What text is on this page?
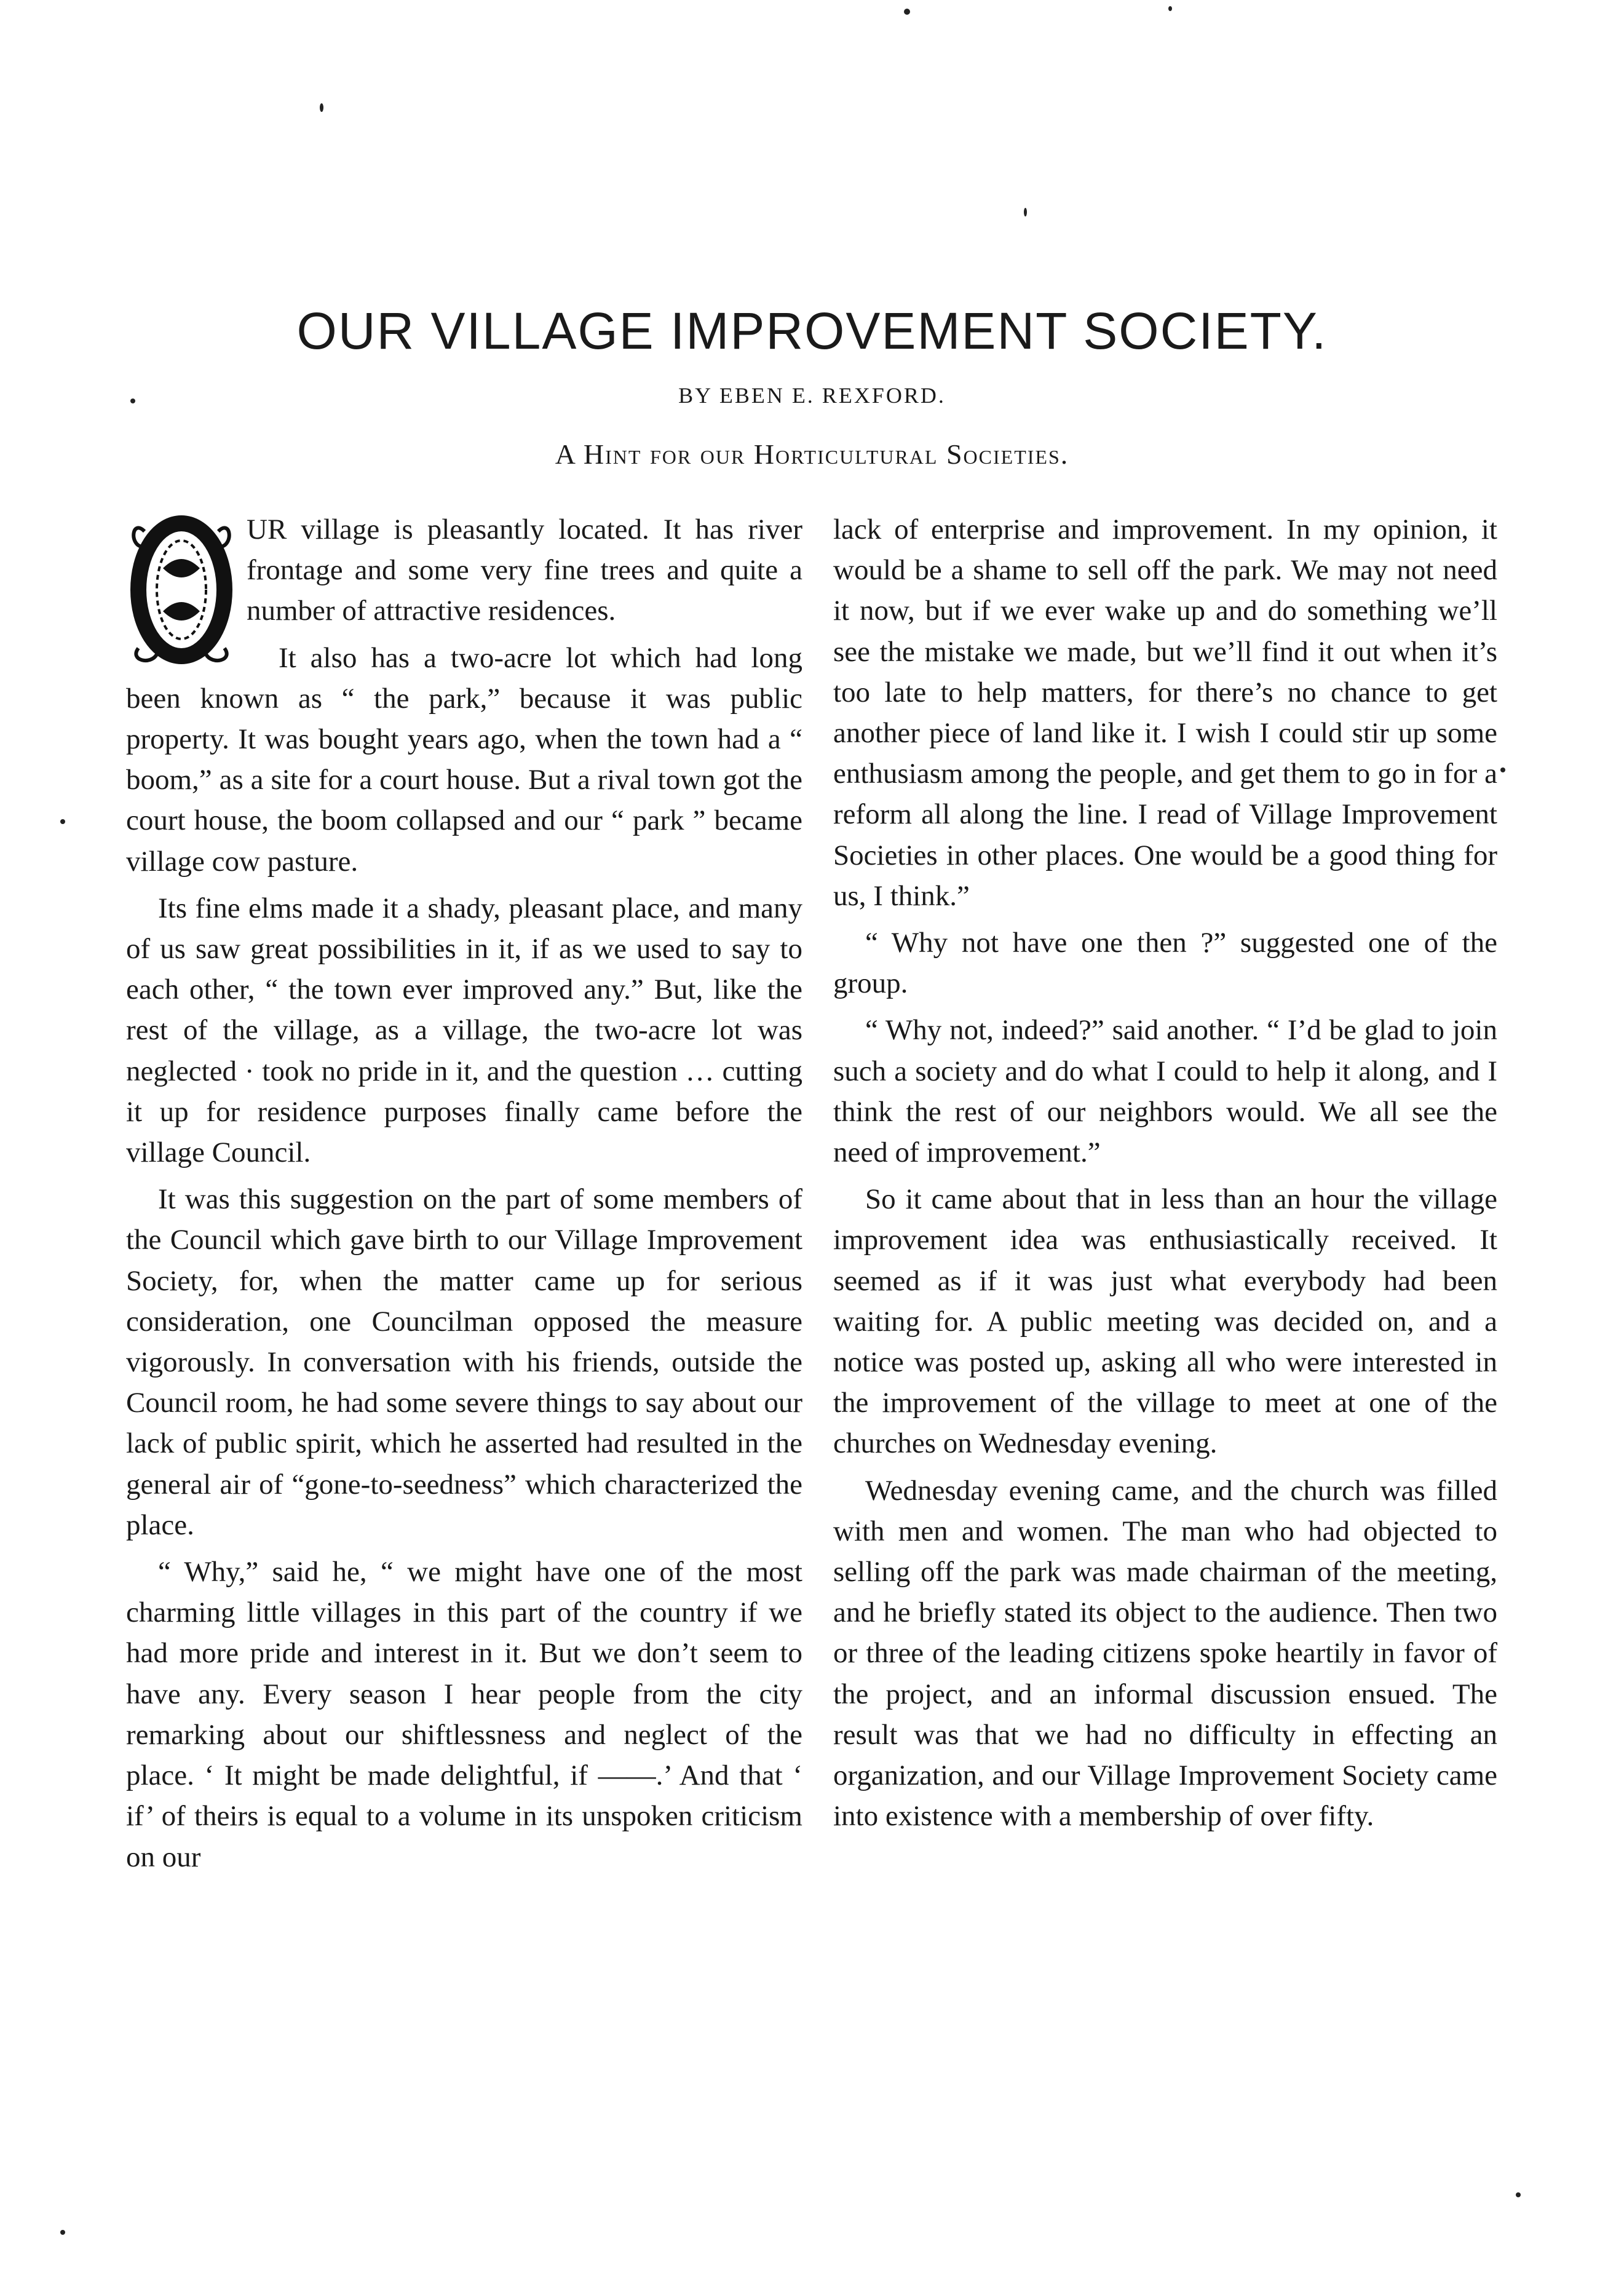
OUR VILLAGE IMPROVEMENT SOCIETY.
BY EBEN E. REXFORD.
A Hint for our Horticultural Societies.
O

UR village is pleasantly located. It has river frontage and some very fine trees and quite a number of attractive residences.

It also has a two-acre lot which had long been known as “ the park,” because it was public property. It was bought years ago, when the town had a “ boom,” as a site for a court house. But a rival town got the court house, the boom collapsed and our “ park ” became village cow pasture.

Its fine elms made it a shady, pleasant place, and many of us saw great possibilities in it, if as we used to say to each other, “ the town ever improved any.” But, like the rest of the village, as a village, the two-acre lot was neglected · took no pride in it, and the question … cutting it up for residence purposes finally came before the village Council.

It was this suggestion on the part of some members of the Council which gave birth to our Village Improvement Society, for, when the matter came up for serious consideration, one Councilman opposed the measure vigorously. In conversation with his friends, outside the Council room, he had some severe things to say about our lack of public spirit, which he asserted had resulted in the general air of “gone-to-seedness” which characterized the place.

“ Why,” said he, “ we might have one of the most charming little villages in this part of the country if we had more pride and interest in it. But we don’t seem to have any. Every season I hear people from the city remarking about our shiftlessness and neglect of the place. ‘ It might be made delightful, if ——.’ And that ‘ if’ of theirs is equal to a volume in its unspoken criticism on our

lack of enterprise and improvement. In my opinion, it would be a shame to sell off the park. We may not need it now, but if we ever wake up and do something we’ll see the mistake we made, but we’ll find it out when it’s too late to help matters, for there’s no chance to get another piece of land like it. I wish I could stir up some enthusiasm among the people, and get them to go in for a reform all along the line. I read of Village Improvement Societies in other places. One would be a good thing for us, I think.”

“ Why not have one then ?” suggested one of the group.

“ Why not, indeed?” said another. “ I’d be glad to join such a society and do what I could to help it along, and I think the rest of our neighbors would. We all see the need of improvement.”

So it came about that in less than an hour the village improvement idea was enthusiastically received. It seemed as if it was just what everybody had been waiting for. A public meeting was decided on, and a notice was posted up, asking all who were interested in the improvement of the village to meet at one of the churches on Wednesday evening.

Wednesday evening came, and the church was filled with men and women. The man who had objected to selling off the park was made chairman of the meeting, and he briefly stated its object to the audience. Then two or three of the leading citizens spoke heartily in favor of the project, and an informal discussion ensued. The result was that we had no difficulty in effecting an organization, and our Village Improvement Society came into existence with a membership of over fifty.
